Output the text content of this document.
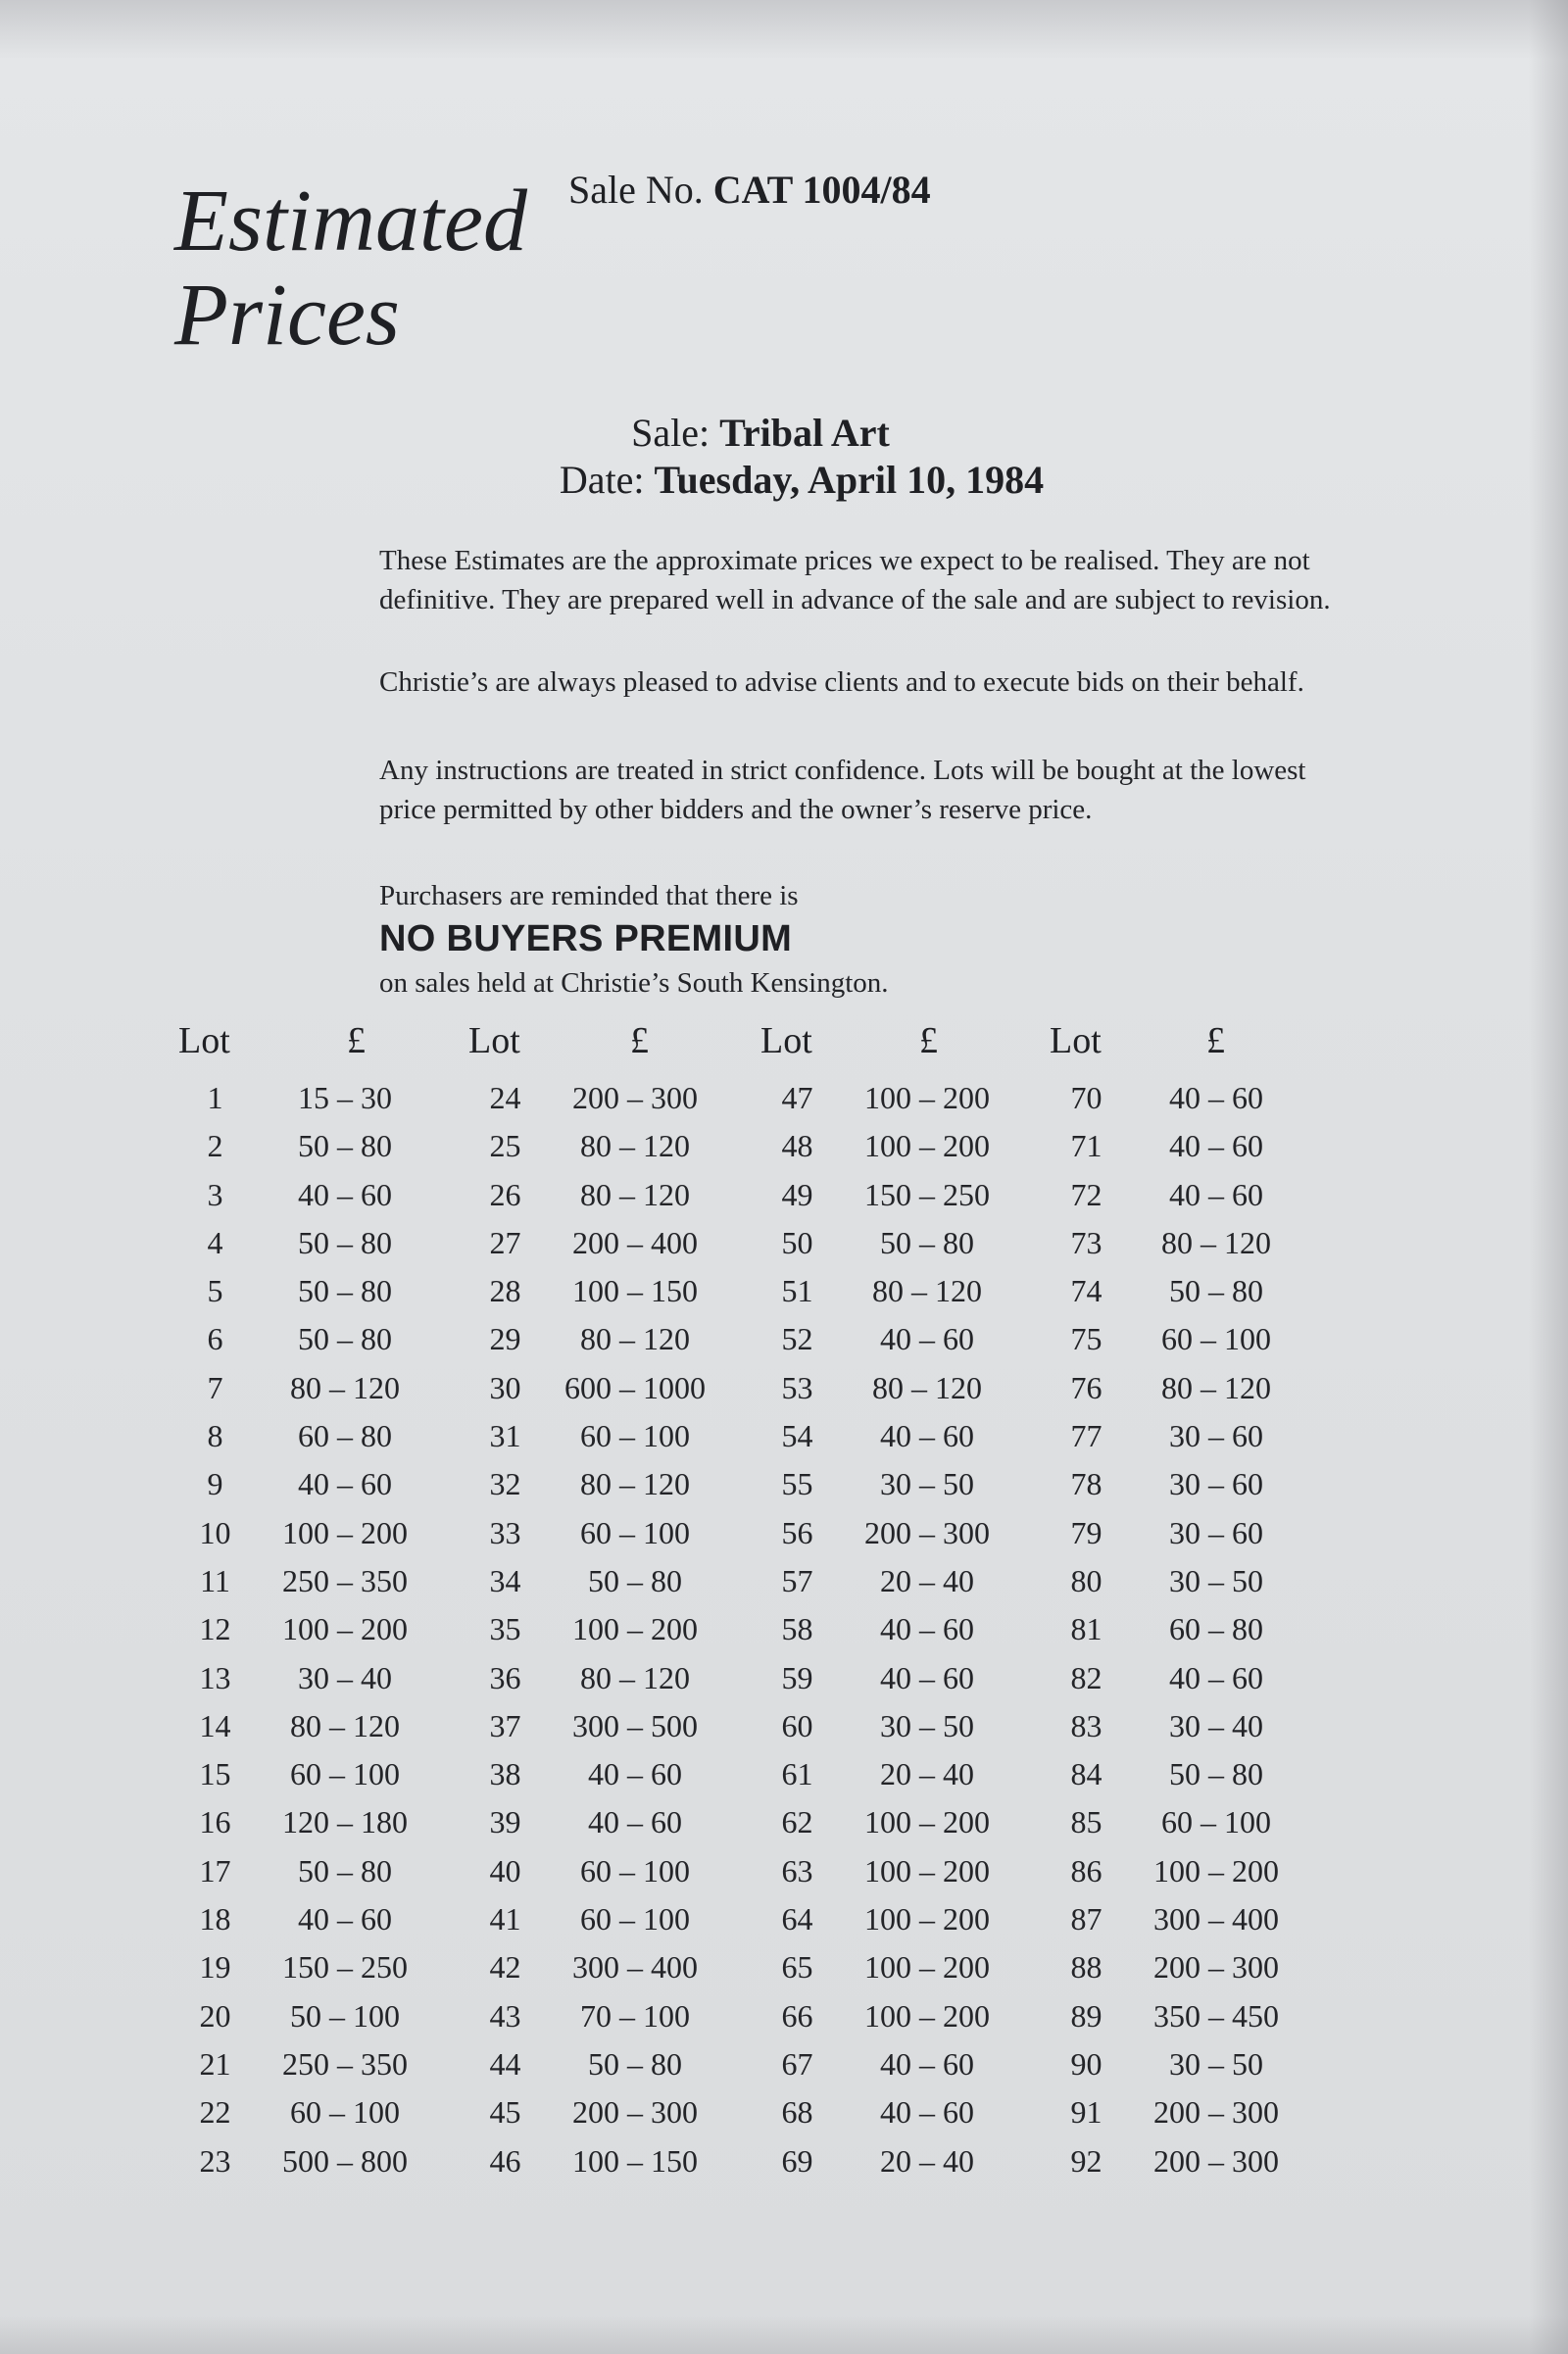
Estimated
Prices
Sale No. CAT 1004/84
Sale: Tribal Art
Date: Tuesday, April 10, 1984
These Estimates are the approximate prices we expect to be realised. They are not definitive. They are prepared well in advance of the sale and are subject to revision.
Christie’s are always pleased to advise clients and to execute bids on their behalf.
Any instructions are treated in strict confidence. Lots will be bought at the lowest price permitted by other bidders and the owner’s reserve price.
Purchasers are reminded that there is
NO BUYERS PREMIUM
on sales held at Christie’s South Kensington.
Lot	£
1	15 – 30
2	50 – 80
3	40 – 60
4	50 – 80
5	50 – 80
6	50 – 80
7	80 – 120
8	60 – 80
9	40 – 60
10	100 – 200
11	250 – 350
12	100 – 200
13	30 – 40
14	80 – 120
15	60 – 100
16	120 – 180
17	50 – 80
18	40 – 60
19	150 – 250
20	50 – 100
21	250 – 350
22	60 – 100
23	500 – 800
Lot	£
24	200 – 300
25	80 – 120
26	80 – 120
27	200 – 400
28	100 – 150
29	80 – 120
30	600 – 1000
31	60 – 100
32	80 – 120
33	60 – 100
34	50 – 80
35	100 – 200
36	80 – 120
37	300 – 500
38	40 – 60
39	40 – 60
40	60 – 100
41	60 – 100
42	300 – 400
43	70 – 100
44	50 – 80
45	200 – 300
46	100 – 150
Lot	£
47	100 – 200
48	100 – 200
49	150 – 250
50	50 – 80
51	80 – 120
52	40 – 60
53	80 – 120
54	40 – 60
55	30 – 50
56	200 – 300
57	20 – 40
58	40 – 60
59	40 – 60
60	30 – 50
61	20 – 40
62	100 – 200
63	100 – 200
64	100 – 200
65	100 – 200
66	100 – 200
67	40 – 60
68	40 – 60
69	20 – 40
Lot	£
70	40 – 60
71	40 – 60
72	40 – 60
73	80 – 120
74	50 – 80
75	60 – 100
76	80 – 120
77	30 – 60
78	30 – 60
79	30 – 60
80	30 – 50
81	60 – 80
82	40 – 60
83	30 – 40
84	50 – 80
85	60 – 100
86	100 – 200
87	300 – 400
88	200 – 300
89	350 – 450
90	30 – 50
91	200 – 300
92	200 – 300
